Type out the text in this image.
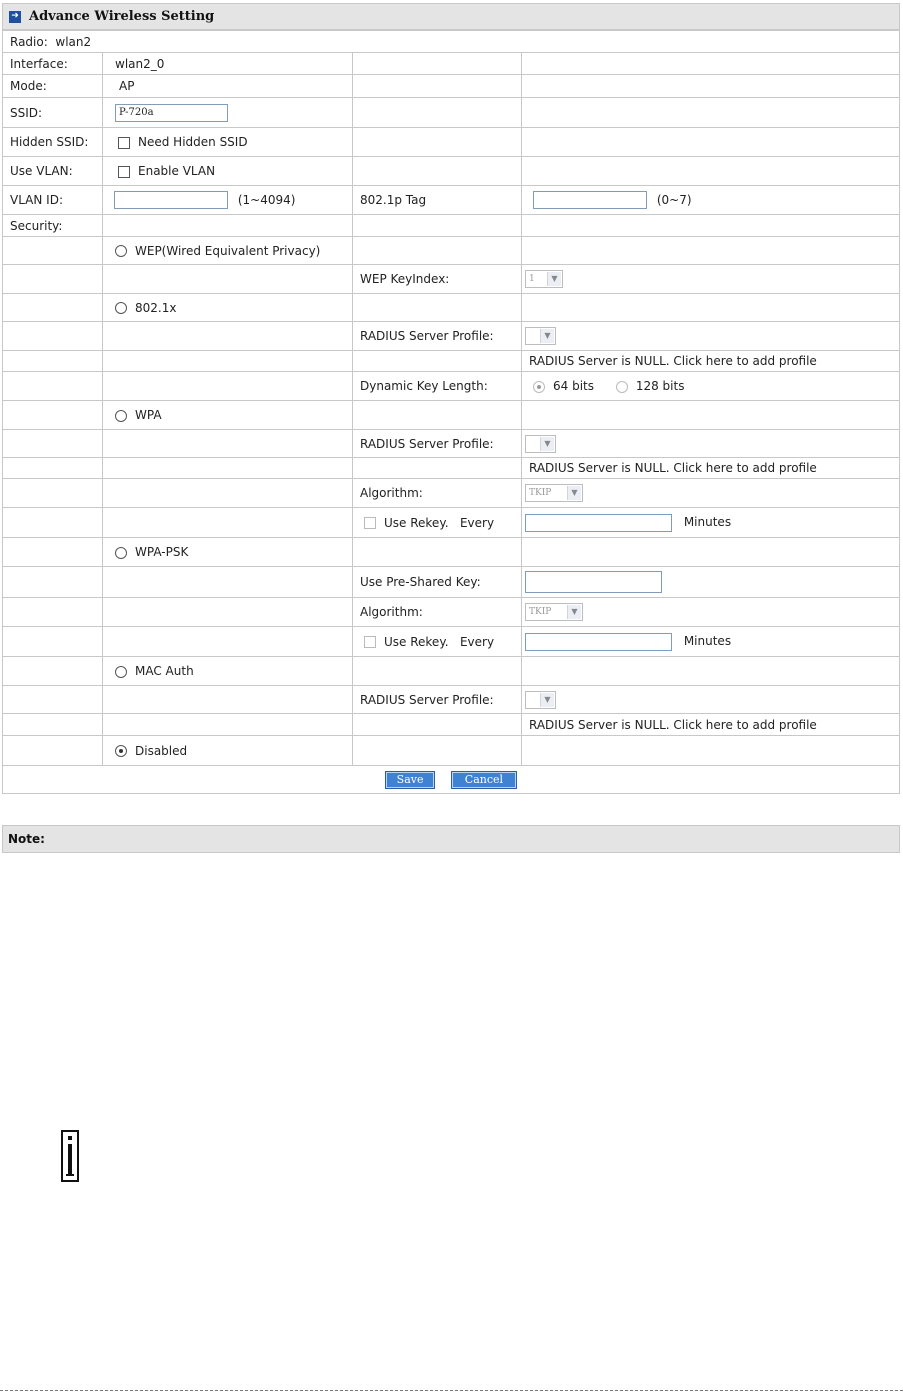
➜ Advance Wireless Setting
Radio: wlan2			
Interface:	wlan2_0		
Mode:	AP		
SSID:	P-720a		
Hidden SSID:	Need Hidden SSID		
Use VLAN:	Enable VLAN		
VLAN ID:	(1~4094)	802.1p Tag	(0~7)
Security:			
	WEP(Wired Equivalent Privacy)		
		WEP KeyIndex:	1 ▼

	802.1x		
		RADIUS Server Profile:	▼

			RADIUS Server is NULL. Click here to add profile
		Dynamic Key Length:	64 bits 128 bits
	WPA		
		RADIUS Server Profile:	▼

			RADIUS Server is NULL. Click here to add profile
		Algorithm:	TKIP ▼

		Use Rekey.   Every	Minutes
	WPA-PSK		
		Use Pre-Shared Key:	
		Algorithm:	TKIP ▼

		Use Rekey.   Every	Minutes
	MAC Auth		
		RADIUS Server Profile:	▼

			RADIUS Server is NULL. Click here to add profile
	Disabled		
Save Cancel			
Note:
